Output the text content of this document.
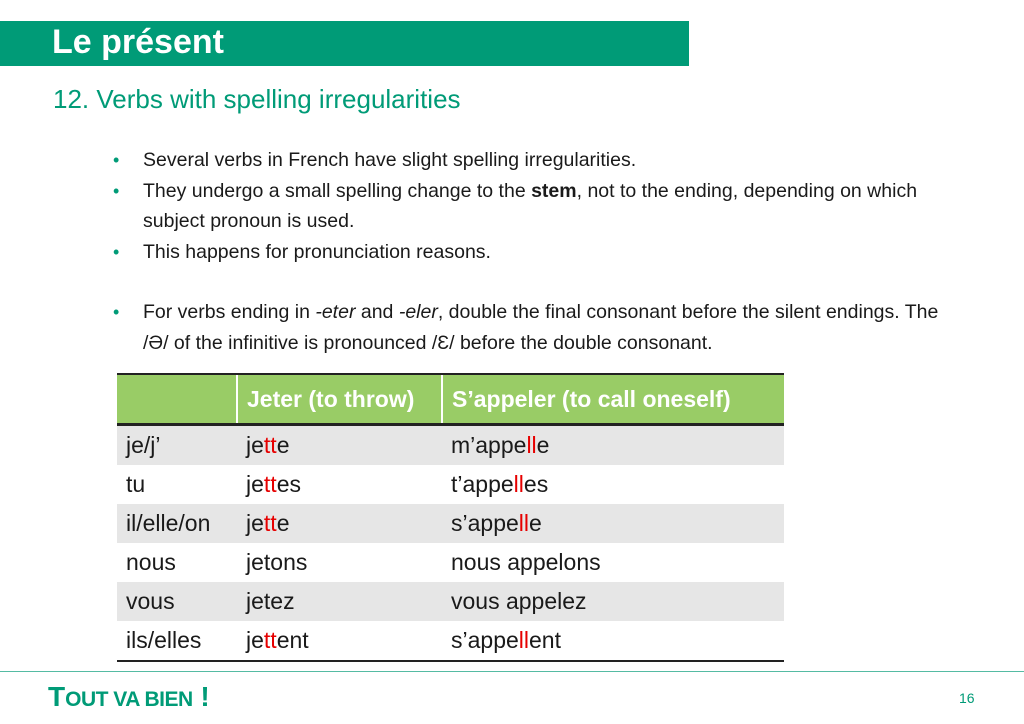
Le présent
12. Verbs with spelling irregularities
• Several verbs in French have slight spelling irregularities.
• They undergo a small spelling change to the stem, not to the ending, depending on which subject pronoun is used.
• This happens for pronunciation reasons.
• For verbs ending in -eter and -eler, double the final consonant before the silent endings. The /Ə/ of the infinitive is pronounced /Ɛ/ before the double consonant.
	Jeter (to throw)	S’appeler (to call oneself)
je/j’	jette	m’appelle
tu	jettes	t’appelles
il/elle/on	jette	s’appelle
nous	jetons	nous appelons
vous	jetez	vous appelez
ils/elles	jettent	s’appellent
TOUT VA BIEN !	16
